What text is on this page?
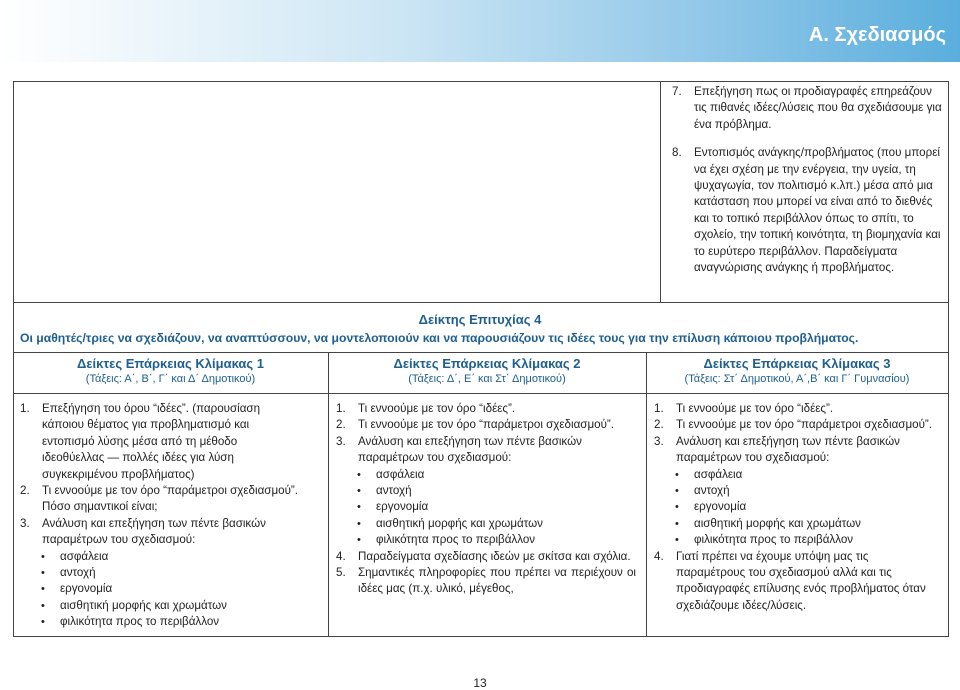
Α. Σχεδιασμός
7. Επεξήγηση πως οι προδιαγραφές επηρεάζουν τις πιθανές ιδέες/λύσεις που θα σχεδιάσουμε για ένα πρόβλημα.
8. Εντοπισμός ανάγκης/προβλήματος (που μπορεί να έχει σχέση με την ενέργεια, την υγεία, τη ψυχαγωγία, τον πολιτισμό κ.λπ.) μέσα από μια κατάσταση που μπορεί να είναι από το διεθνές και το τοπικό περιβάλλον όπως το σπίτι, το σχολείο, την τοπική κοινότητα, τη βιομηχανία και το ευρύτερο περιβάλλον. Παραδείγματα αναγνώρισης ανάγκης ή προβλήματος.
Δείκτης Επιτυχίας 4
Οι μαθητές/τριες να σχεδιάζουν, να αναπτύσσουν, να μοντελοποιούν και να παρουσιάζουν τις ιδέες τους για την επίλυση κάποιου προβλήματος.
Δείκτες Επάρκειας Κλίμακας 1
(Τάξεις: Α΄, Β΄, Γ΄ και Δ΄ Δημοτικού)
Δείκτες Επάρκειας Κλίμακας 2
(Τάξεις: Δ΄, Ε΄ και Στ΄ Δημοτικού)
Δείκτες Επάρκειας Κλίμακας 3
(Τάξεις: Στ΄ Δημοτικού, Α΄,Β΄ και Γ΄ Γυμνασίου)
1. Επεξήγηση του όρου “ιδέες”. (παρουσίαση κάποιου θέματος για προβληματισμό και εντοπισμό λύσης μέσα από τη μέθοδο ιδεοθύελλας — πολλές ιδέες για λύση συγκεκριμένου προβλήματος)
2. Τι εννοούμε με τον όρο “παράμετροι σχεδιασμού”. Πόσο σημαντικοί είναι;
3. Ανάλυση και επεξήγηση των πέντε βασικών παραμέτρων του σχεδιασμού:
• ασφάλεια
• αντοχή
• εργονομία
• αισθητική μορφής και χρωμάτων
• φιλικότητα προς το περιβάλλον
1. Τι εννοούμε με τον όρο “ιδέες”.
2. Τι εννοούμε με τον όρο “παράμετροι σχεδιασμού”.
3. Ανάλυση και επεξήγηση των πέντε βασικών παραμέτρων του σχεδιασμού:
• ασφάλεια
• αντοχή
• εργονομία
• αισθητική μορφής και χρωμάτων
• φιλικότητα προς το περιβάλλον
4. Παραδείγματα σχεδίασης ιδεών με σκίτσα και σχόλια.
5. Σημαντικές πληροφορίες που πρέπει να περιέχουν οι ιδέες μας (π.χ. υλικό, μέγεθος,
1. Τι εννοούμε με τον όρο “ιδέες”.
2. Τι εννοούμε με τον όρο “παράμετροι σχεδιασμού”.
3. Ανάλυση και επεξήγηση των πέντε βασικών παραμέτρων του σχεδιασμού:
• ασφάλεια
• αντοχή
• εργονομία
• αισθητική μορφής και χρωμάτων
• φιλικότητα προς το περιβάλλον
4. Γιατί πρέπει να έχουμε υπόψη μας τις παραμέτρους του σχεδιασμού αλλά και τις προδιαγραφές επίλυσης ενός προβλήματος όταν σχεδιάζουμε ιδέες/λύσεις.
13
